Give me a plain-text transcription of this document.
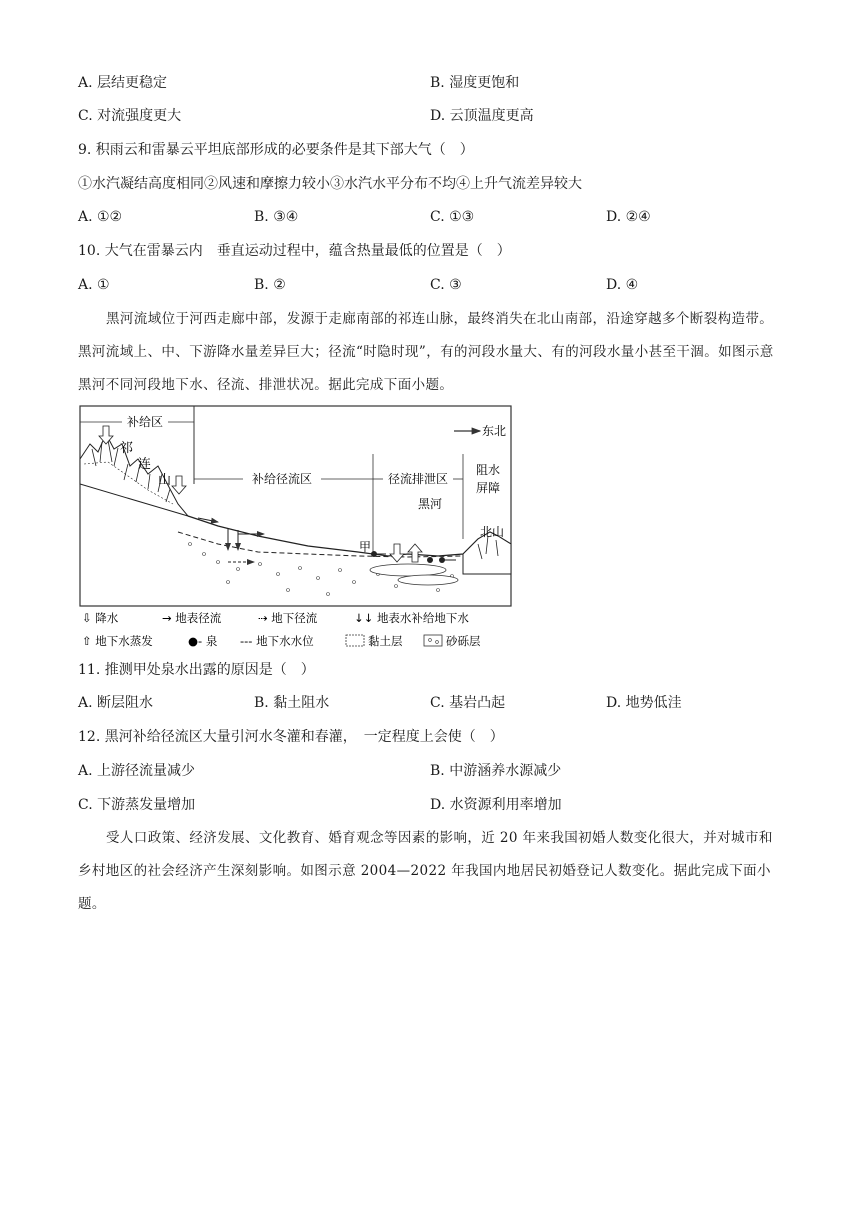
A. 层结更稳定	B. 湿度更饱和
C. 对流强度更大	D. 云顶温度更高
9. 积雨云和雷暴云平坦底部形成的必要条件是其下部大气（　）
①水汽凝结高度相同②风速和摩擦力较小③水汽水平分布不均④上升气流差异较大
A. ①②	B. ③④	C. ①③	D. ②④
10. 大气在雷暴云内　垂直运动过程中，蕴含热量最低的位置是（　）
A. ①	B. ②	C. ③	D. ④
黑河流域位于河西走廊中部，发源于走廊南部的祁连山脉，最终消失在北山南部，沿途穿越多个断裂构造带。黑河流域上、中、下游降水量差异巨大；径流“时隐时现”，有的河段水量大、有的河段水量小甚至干涸。如图示意黑河不同河段地下水、径流、排泄状况。据此完成下面小题。
补给区
补给径流区	径流排泄区
阻水
屏障
东北
祁
连
山
北山
黑河
甲
⇩ 降水	→ 地表径流	⇢ 地下径流	↓↓ 地表水补给地下水
⇧ 地下水蒸发	●- 泉 --- 地下水水位	黏土层	砂砾层
11. 推测甲处泉水出露的原因是（　）
A. 断层阻水	B. 黏土阻水	C. 基岩凸起	D. 地势低洼
12. 黑河补给径流区大量引河水冬灌和春灌，　一定程度上会使（　）
A. 上游径流量减少	B. 中游涵养水源减少
C. 下游蒸发量增加	D. 水资源利用率增加
受人口政策、经济发展、文化教育、婚育观念等因素的影响，近 20 年来我国初婚人数变化很大，并对城市和乡村地区的社会经济产生深刻影响。如图示意 2004—2022 年我国内地居民初婚登记人数变化。据此完成下面小题。
